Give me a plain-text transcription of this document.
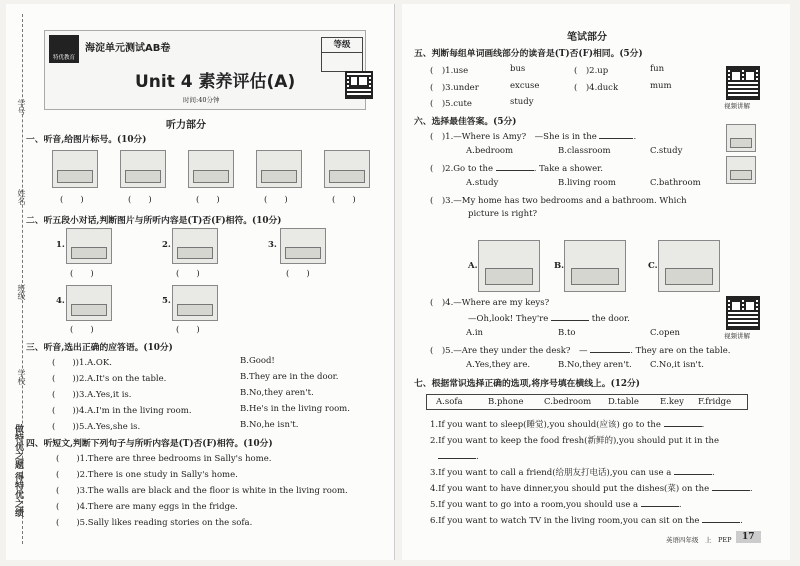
学号
姓名
班级
学校
做特优之题 得特优之绩
特优教育
海淀单元测试AB卷	等级
Unit 4 素养评估(A)
时间:40分钟
听力部分
一、听音,给图片标号。(10分)
(　　)	(　　)	(　　)	(　　)	(　　)
二、听五段小对话,判断图片与所听内容是(T)否(F)相符。(10分)
1.
(　　)
2.
(　　)
3.
(　　)
4.
(　　)
5.
(　　)
三、听音,选出正确的应答语。(10分)
(　　))1.A.OK.	B.Good!
(　　))2.A.It's on the table.	B.They are in the door.
(　　))3.A.Yes,it is.	B.No,they aren't.
(　　))4.A.I'm in the living room.	B.He's in the living room.
(　　))5.A.Yes,she is.	B.No,he isn't.
四、听短文,判断下列句子与所听内容是(T)否(F)相符。(10分)
(　　 )1.There are three bedrooms in Sally's home.
(　　 )2.There is one study in Sally's home.
(　　 )3.The walls are black and the floor is white in the living room.
(　　 )4.There are many eggs in the fridge.
(　　 )5.Sally likes reading stories on the sofa.
笔试部分
五、判断每组单词画线部分的读音是(T)否(F)相同。(5分)
(　 )1.use	bus	(　 )2.up	fun
(　 )3.under	excuse	(　 )4.duck	mum
(　 )5.cute	study	视频讲解
六、选择最佳答案。(5分)
(　 )1.—Where is Amy?　—She is in the	.
A.bedroom	B.classroom	C.study
(　 )2.Go to the	. Take a shower.
A.study	B.living room	C.bathroom
(　 )3.—My home has two bedrooms and a bathroom. Which
picture is right?
A.	B.	C.
(　 )4.—Where are my keys?
—Oh,look! They're	the door.
A.in	B.to	C.open	视频讲解
(　 )5.—Are they under the desk?　—	. They are on the table.
A.Yes,they are.	B.No,they aren't. C.No,it isn't.
七、根据常识选择正确的选项,将序号填在横线上。(12分)
A.sofa	B.phone C.bedroom D.table E.key F.fridge
1.If you want to sleep(睡觉),you should(应该) go to the	.
2.If you want to keep the food fresh(新鲜的),you should put it in the
.
3.If you want to call a friend(给朋友打电话),you can use a	.
4.If you want to have dinner,you should put the dishes(菜) on the	.
5.If you want to go into a room,you should use a	.
6.If you want to watch TV in the living room,you can sit on the	.
英语四年级　上　PEP	17
